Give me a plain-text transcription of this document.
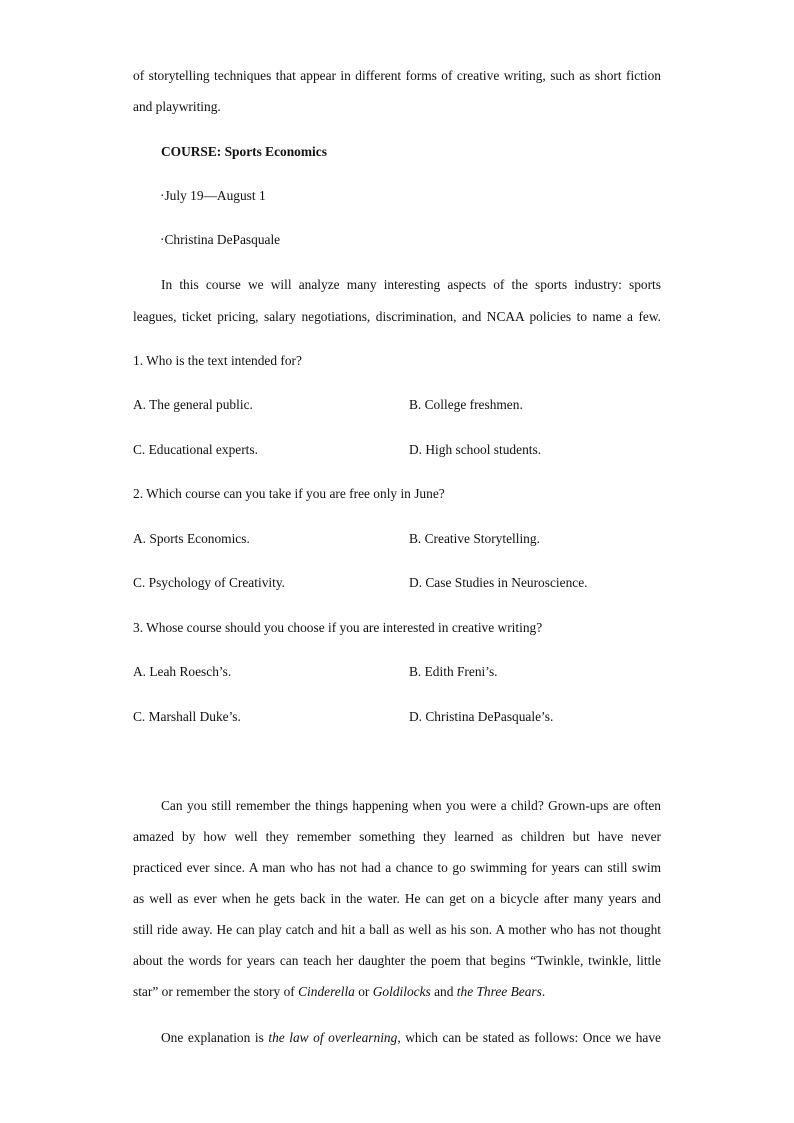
of storytelling techniques that appear in different forms of creative writing, such as short fiction
and playwriting.
COURSE: Sports Economics
·July 19—August 1
·Christina DePasquale
In this course we will analyze many interesting aspects of the sports industry: sports
leagues, ticket pricing, salary negotiations, discrimination, and NCAA policies to name a few.
1. Who is the text intended for?
A. The general public.	B. College freshmen.
C. Educational experts.	D. High school students.
2. Which course can you take if you are free only in June?
A. Sports Economics.	B. Creative Storytelling.
C. Psychology of Creativity.	D. Case Studies in Neuroscience.
3. Whose course should you choose if you are interested in creative writing?
A. Leah Roesch’s.	B. Edith Freni’s.
C. Marshall Duke’s.	D. Christina DePasquale’s.
Can you still remember the things happening when you were a child? Grown-ups are often
amazed by how well they remember something they learned as children but have never
practiced ever since. A man who has not had a chance to go swimming for years can still swim
as well as ever when he gets back in the water. He can get on a bicycle after many years and
still ride away. He can play catch and hit a ball as well as his son. A mother who has not thought
about the words for years can teach her daughter the poem that begins “Twinkle, twinkle, little
star” or remember the story of Cinderella or Goldilocks and the Three Bears.
One explanation is the law of overlearning, which can be stated as follows: Once we have
